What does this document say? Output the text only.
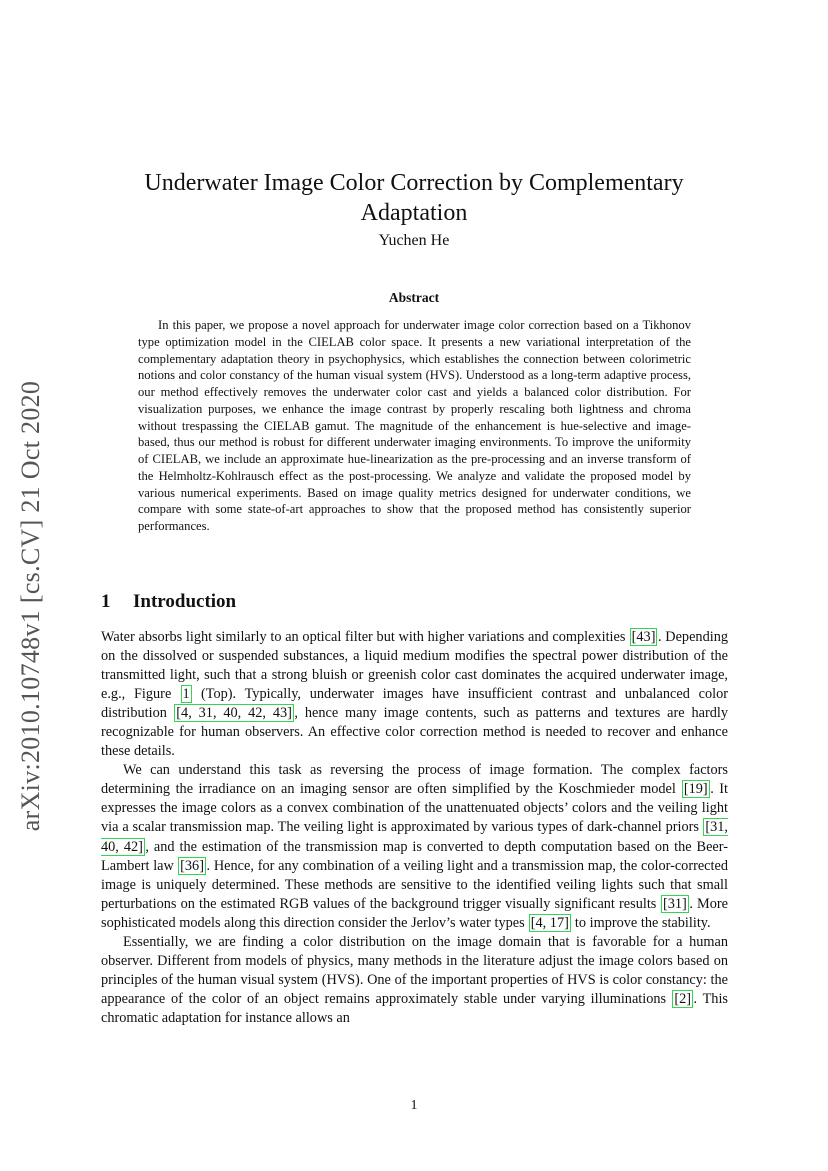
arXiv:2010.10748v1 [cs.CV] 21 Oct 2020
Underwater Image Color Correction by Complementary Adaptation
Yuchen He
Abstract

In this paper, we propose a novel approach for underwater image color correction based on a Tikhonov type optimization model in the CIELAB color space. It presents a new variational interpretation of the complementary adaptation theory in psychophysics, which establishes the connection between colorimetric notions and color constancy of the human visual system (HVS). Understood as a long-term adaptive process, our method effectively removes the underwater color cast and yields a balanced color distribution. For visualization purposes, we enhance the image contrast by properly rescaling both lightness and chroma without trespassing the CIELAB gamut. The magnitude of the enhancement is hue-selective and image-based, thus our method is robust for different underwater imaging environments. To improve the uniformity of CIELAB, we include an approximate hue-linearization as the pre-processing and an inverse transform of the Helmholtz-Kohlrausch effect as the post-processing. We analyze and validate the proposed model by various numerical experiments. Based on image quality metrics designed for underwater conditions, we compare with some state-of-art approaches to show that the proposed method has consistently superior performances.

1 Introduction

Water absorbs light similarly to an optical filter but with higher variations and complexities [43] . Depending on the dissolved or suspended substances, a liquid medium modifies the spectral power distribution of the transmitted light, such that a strong bluish or greenish color cast dominates the acquired underwater image, e.g., Figure 1 (Top). Typically, underwater images have insufficient contrast and unbalanced color distribution [4, 31, 40, 42, 43] , hence many image contents, such as patterns and textures are hardly recognizable for human observers. An effective color correction method is needed to recover and enhance these details.

We can understand this task as reversing the process of image formation. The complex factors determining the irradiance on an imaging sensor are often simplified by the Koschmieder model [19] . It expresses the image colors as a convex combination of the unattenuated objects’ colors and the veiling light via a scalar transmission map. The veiling light is approximated by various types of dark-channel priors [31, 40, 42] , and the estimation of the transmission map is converted to depth computation based on the Beer-Lambert law [36] . Hence, for any combination of a veiling light and a transmission map, the color-corrected image is uniquely determined. These methods are sensitive to the identified veiling lights such that small perturbations on the estimated RGB values of the background trigger visually significant results [31] . More sophisticated models along this direction consider the Jerlov’s water types [4, 17] to improve the stability.

Essentially, we are finding a color distribution on the image domain that is favorable for a human observer. Different from models of physics, many methods in the literature adjust the image colors based on principles of the human visual system (HVS). One of the important properties of HVS is color constancy: the appearance of the color of an object remains approximately stable under varying illuminations [2] . This chromatic adaptation for instance allows an

1
